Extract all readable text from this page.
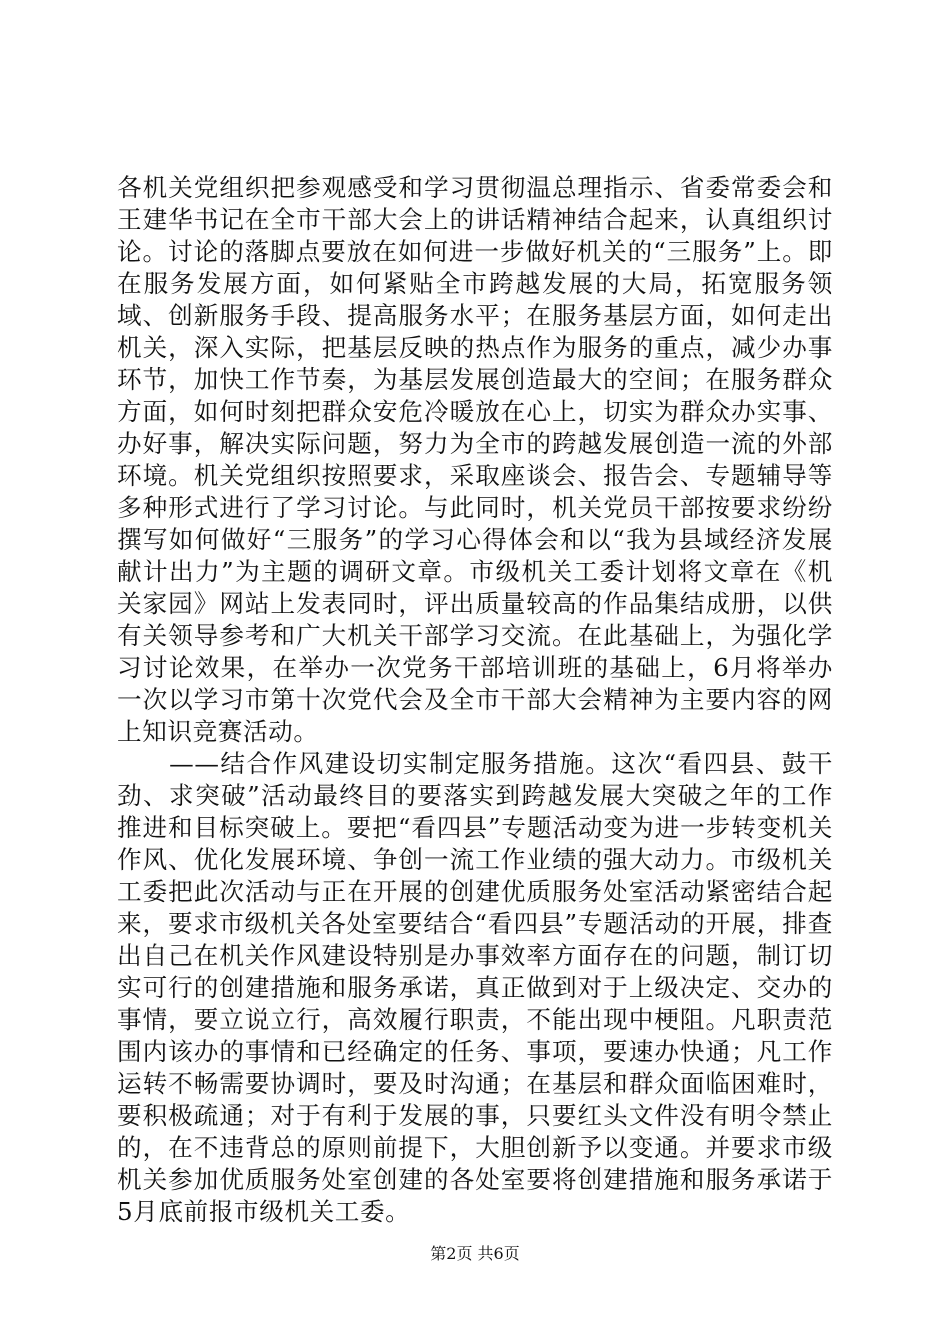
各机关党组织把参观感受和学习贯彻温总理指示、省委常委会和王建华书记在全市干部大会上的讲话精神结合起来，认真组织讨论。讨论的落脚点要放在如何进一步做好机关的“三服务”上。即在服务发展方面，如何紧贴全市跨越发展的大局，拓宽服务领域、创新服务手段、提高服务水平；在服务基层方面，如何走出机关，深入实际，把基层反映的热点作为服务的重点，减少办事环节，加快工作节奏，为基层发展创造最大的空间；在服务群众方面，如何时刻把群众安危冷暖放在心上，切实为群众办实事、办好事，解决实际问题，努力为全市的跨越发展创造一流的外部环境。机关党组织按照要求，采取座谈会、报告会、专题辅导等多种形式进行了学习讨论。与此同时，机关党员干部按要求纷纷撰写如何做好“三服务”的学习心得体会和以“我为县域经济发展献计出力”为主题的调研文章。市级机关工委计划将文章在《机关家园》网站上发表同时，评出质量较高的作品集结成册，以供有关领导参考和广大机关干部学习交流。在此基础上，为强化学习讨论效果，在举办一次党务干部培训班的基础上，6月将举办一次以学习市第十次党代会及全市干部大会精神为主要内容的网上知识竞赛活动。

　　——结合作风建设切实制定服务措施。这次“看四县、鼓干劲、求突破”活动最终目的要落实到跨越发展大突破之年的工作推进和目标突破上。要把“看四县”专题活动变为进一步转变机关作风、优化发展环境、争创一流工作业绩的强大动力。市级机关工委把此次活动与正在开展的创建优质服务处室活动紧密结合起来，要求市级机关各处室要结合“看四县”专题活动的开展，排查出自己在机关作风建设特别是办事效率方面存在的问题，制订切实可行的创建措施和服务承诺，真正做到对于上级决定、交办的事情，要立说立行，高效履行职责，不能出现中梗阻。凡职责范围内该办的事情和已经确定的任务、事项，要速办快通；凡工作运转不畅需要协调时，要及时沟通；在基层和群众面临困难时，要积极疏通；对于有利于发展的事，只要红头文件没有明令禁止的，在不违背总的原则前提下，大胆创新予以变通。并要求市级机关参加优质服务处室创建的各处室要将创建措施和服务承诺于5月底前报市级机关工委。

第2页 共6页
